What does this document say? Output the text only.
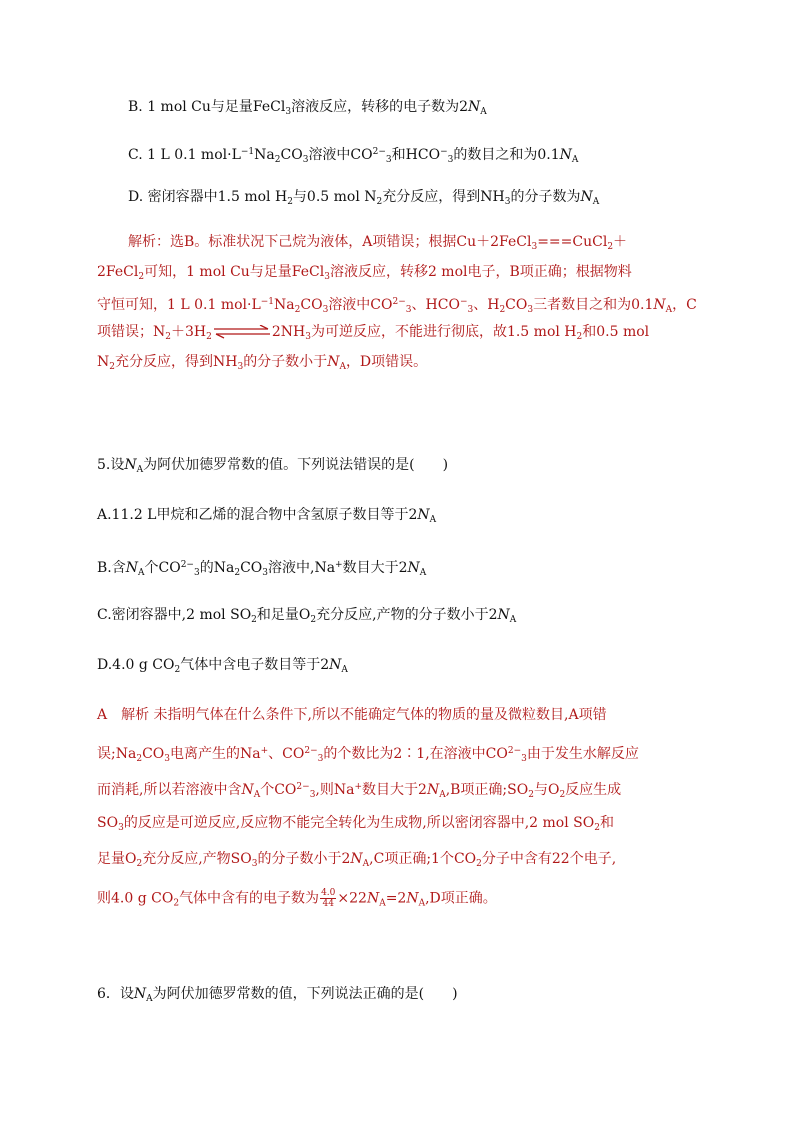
B. 1 mol Cu与足量FeCl$_3$溶液反应，转移的电子数为$2N_A$
C. 1 L 0.1 $mol\cdot L^{-1}Na_2CO_3$溶液中$CO^{2-}_3$和$HCO^-_3$的数目之和为$0.1N_A$
D. 密闭容器中1.5 mol $H_2$与0.5 mol $N_2$充分反应，得到$NH_3$的分子数为$N_A$
解析：选B。标准状况下己烷为液体，A项错误；根据Cu＋2FeCl$_3$===CuCl$_2$＋
2FeCl$_2$可知，1 mol Cu与足量FeCl$_3$溶液反应，转移2 mol电子，B项正确；根据物料
守恒可知，1 L 0.1 $mol\cdot L^{-1}Na_2CO_3$溶液中$CO^{2-}_3$、$HCO^-_3$、$H_2CO_3$三者数目之和为$0.1N_A$，C
项错误；$N_2+3H_2$	$2NH_3$为可逆反应，不能进行彻底，故1.5 mol $H_2$和0.5 mol
$N_2$充分反应，得到$NH_3$的分子数小于$N_A$，D项错误。
5.设$N_A$为阿伏加德罗常数的值。下列说法错误的是(　　)
A.11.2 L甲烷和乙烯的混合物中含氢原子数目等于$2N_A$
B.含$N_A$个$CO^{2-}_3$的$Na_2CO_3$溶液中,Na+数目大于$2N_A$
C.密闭容器中,2 mol $SO_2$和足量$O_2$充分反应,产物的分子数小于$2N_A$
D.4.0 g $CO_2$气体中含电子数目等于$2N_A$
A　解析 未指明气体在什么条件下,所以不能确定气体的物质的量及微粒数目,A项错
误$;Na_2CO_3$电离产生的Na+、$CO^{2-}_3$的个数比为2∶1,在溶液中$CO^{2-}_3$由于发生水解反应
而消耗,所以若溶液中含$N_A$个$CO^{2-}_3$,则Na+数目大于$2N_A,B$项正确$;SO_2$与$O_2$反应生成
$SO_3$的反应是可逆反应,反应物不能完全转化为生成物,所以密闭容器中,2 mol $SO_2$和
足量$O_2$充分反应,产物$SO_3$的分子数小于$2N_A,C$项正确;1个$CO_2$分子中含有22个电子,
则4.0 g $CO_2$气体中含有的电子数为 $\frac{4.0}{44} \times 22N_A=2N_A,D$项正确。
6．设$N_A$为阿伏加德罗常数的值，下列说法正确的是(　　)
